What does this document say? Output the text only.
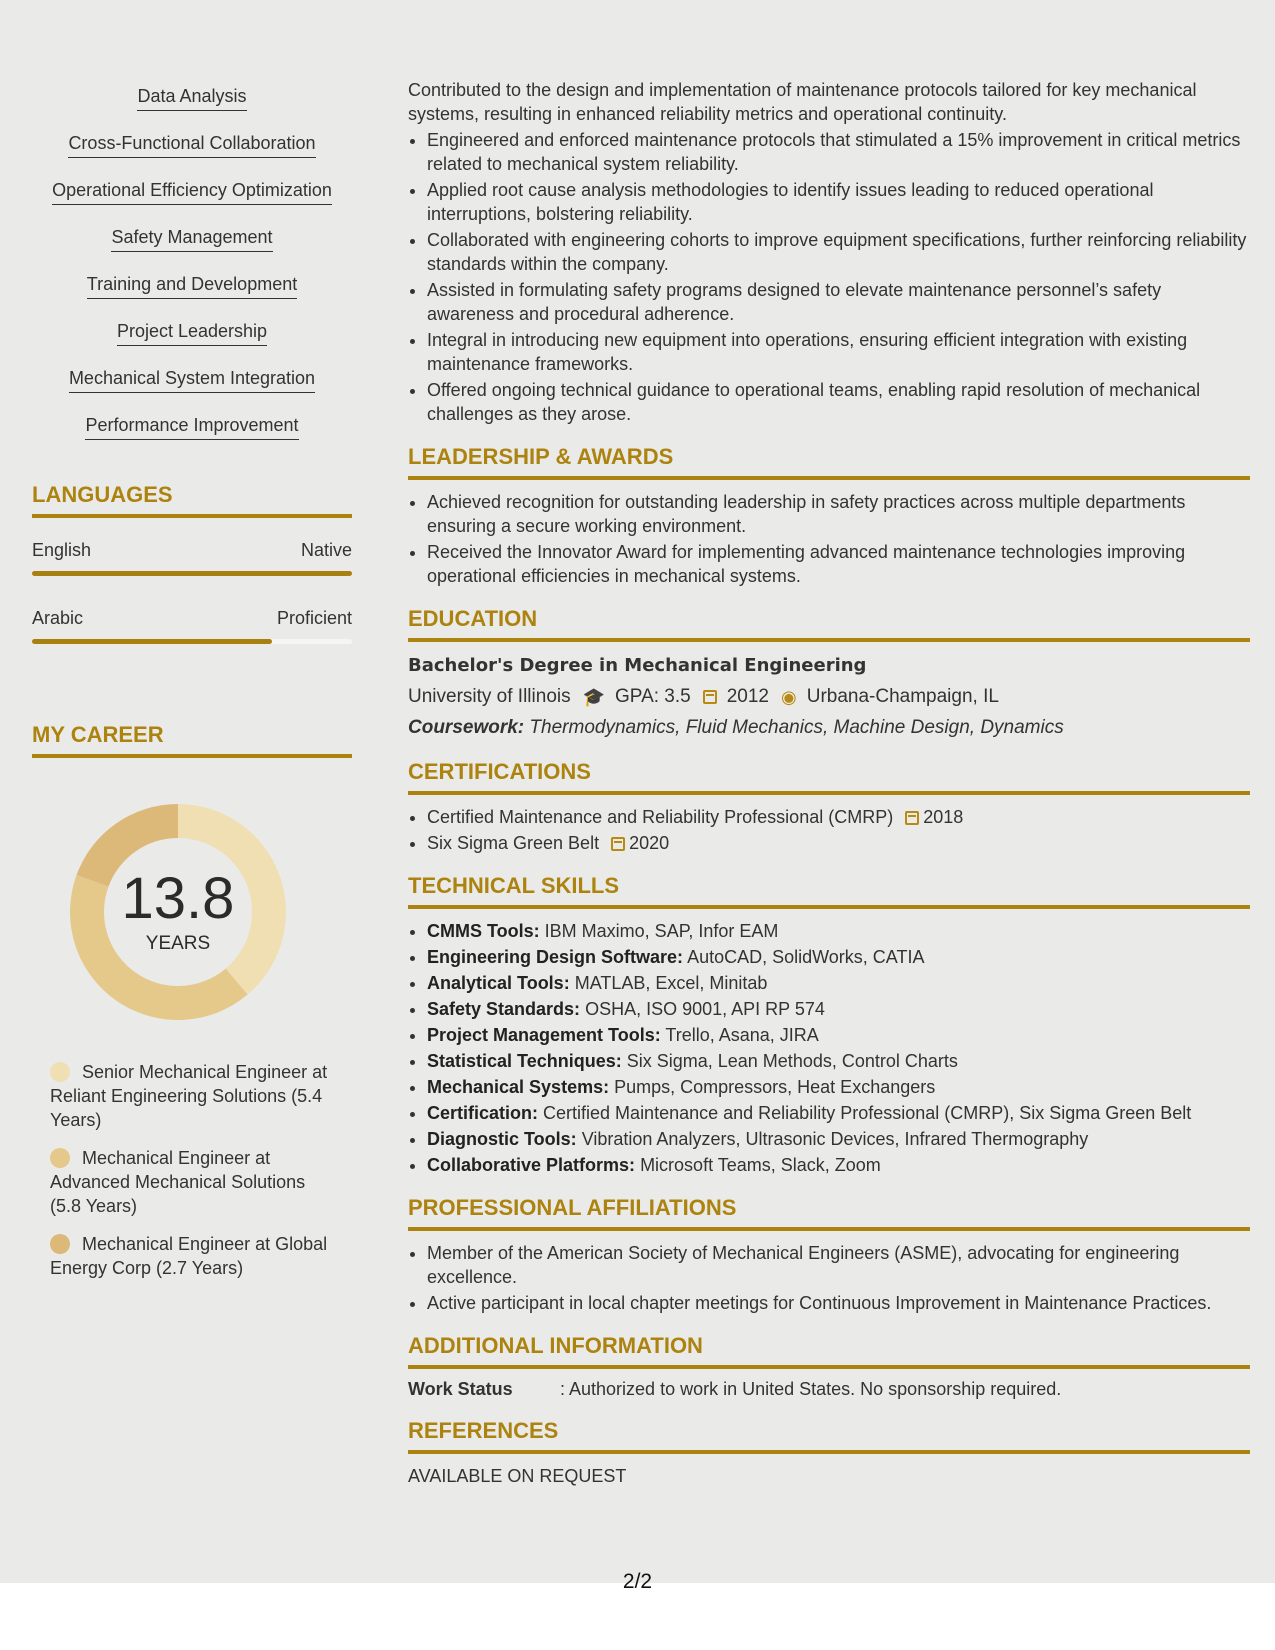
Data Analysis
Cross-Functional Collaboration
Operational Efficiency Optimization
Safety Management
Training and Development
Project Leadership
Mechanical System Integration
Performance Improvement
LANGUAGES
English	Native
Arabic	Proficient
MY CAREER
13.8
YEARS
Senior Mechanical Engineer at Reliant Engineering Solutions (5.4 Years)
Mechanical Engineer at Advanced Mechanical Solutions (5.8 Years)
Mechanical Engineer at Global Energy Corp (2.7 Years)

Contributed to the design and implementation of maintenance protocols tailored for key mechanical systems, resulting in enhanced reliability metrics and operational continuity.

• Engineered and enforced maintenance protocols that stimulated a 15% improvement in critical metrics related to mechanical system reliability.
• Applied root cause analysis methodologies to identify issues leading to reduced operational interruptions, bolstering reliability.
• Collaborated with engineering cohorts to improve equipment specifications, further reinforcing reliability standards within the company.
• Assisted in formulating safety programs designed to elevate maintenance personnel’s safety awareness and procedural adherence.
• Integral in introducing new equipment into operations, ensuring efficient integration with existing maintenance frameworks.
• Offered ongoing technical guidance to operational teams, enabling rapid resolution of mechanical challenges as they arose.
LEADERSHIP & AWARDS
• Achieved recognition for outstanding leadership in safety practices across multiple departments ensuring a secure working environment.
• Received the Innovator Award for implementing advanced maintenance technologies improving operational efficiencies in mechanical systems.
EDUCATION
Bachelor's Degree in Mechanical Engineering
University of Illinois 🎓 GPA: 3.5 2012 ◉ Urbana-Champaign, IL
Coursework: Thermodynamics, Fluid Mechanics, Machine Design, Dynamics
CERTIFICATIONS
• Certified Maintenance and Reliability Professional (CMRP) 2018
• Six Sigma Green Belt 2020
TECHNICAL SKILLS
• CMMS Tools: IBM Maximo, SAP, Infor EAM
• Engineering Design Software: AutoCAD, SolidWorks, CATIA
• Analytical Tools: MATLAB, Excel, Minitab
• Safety Standards: OSHA, ISO 9001, API RP 574
• Project Management Tools: Trello, Asana, JIRA
• Statistical Techniques: Six Sigma, Lean Methods, Control Charts
• Mechanical Systems: Pumps, Compressors, Heat Exchangers
• Certification: Certified Maintenance and Reliability Professional (CMRP), Six Sigma Green Belt
• Diagnostic Tools: Vibration Analyzers, Ultrasonic Devices, Infrared Thermography
• Collaborative Platforms: Microsoft Teams, Slack, Zoom
PROFESSIONAL AFFILIATIONS
• Member of the American Society of Mechanical Engineers (ASME), advocating for engineering excellence.
• Active participant in local chapter meetings for Continuous Improvement in Maintenance Practices.
ADDITIONAL INFORMATION
Work Status	: Authorized to work in United States. No sponsorship required.
REFERENCES
AVAILABLE ON REQUEST
2/2
